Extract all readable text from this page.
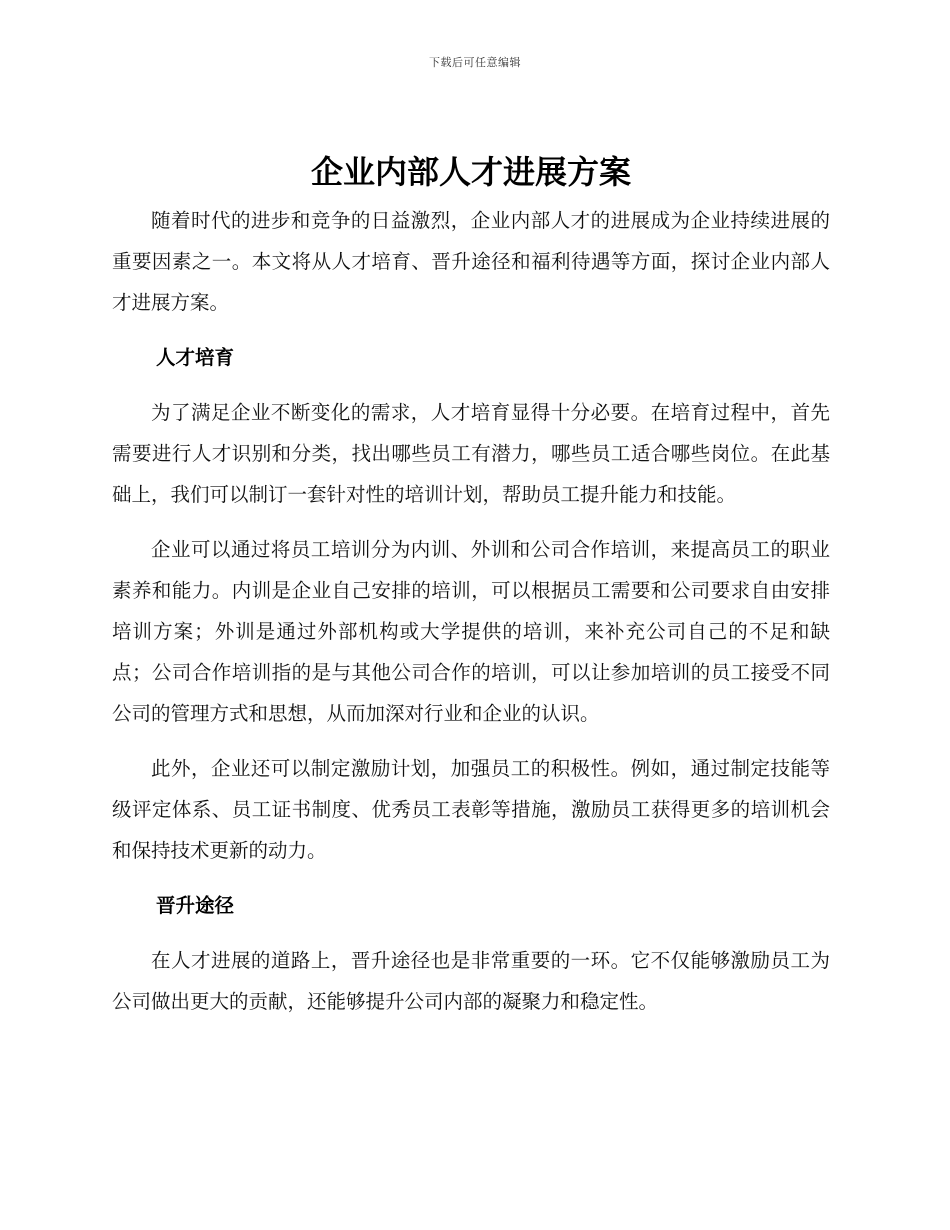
下载后可任意编辑
企业内部人才进展方案

随着时代的进步和竞争的日益激烈，企业内部人才的进展成为企业持续进展的重要因素之一。本文将从人才培育、晋升途径和福利待遇等方面，探讨企业内部人才进展方案。

人才培育

为了满足企业不断变化的需求，人才培育显得十分必要。在培育过程中，首先需要进行人才识别和分类，找出哪些员工有潜力，哪些员工适合哪些岗位。在此基础上，我们可以制订一套针对性的培训计划，帮助员工提升能力和技能。

企业可以通过将员工培训分为内训、外训和公司合作培训，来提高员工的职业素养和能力。内训是企业自己安排的培训，可以根据员工需要和公司要求自由安排培训方案；外训是通过外部机构或大学提供的培训，来补充公司自己的不足和缺点；公司合作培训指的是与其他公司合作的培训，可以让参加培训的员工接受不同公司的管理方式和思想，从而加深对行业和企业的认识。

此外，企业还可以制定激励计划，加强员工的积极性。例如，通过制定技能等级评定体系、员工证书制度、优秀员工表彰等措施，激励员工获得更多的培训机会和保持技术更新的动力。

晋升途径

在人才进展的道路上，晋升途径也是非常重要的一环。它不仅能够激励员工为公司做出更大的贡献，还能够提升公司内部的凝聚力和稳定性。
